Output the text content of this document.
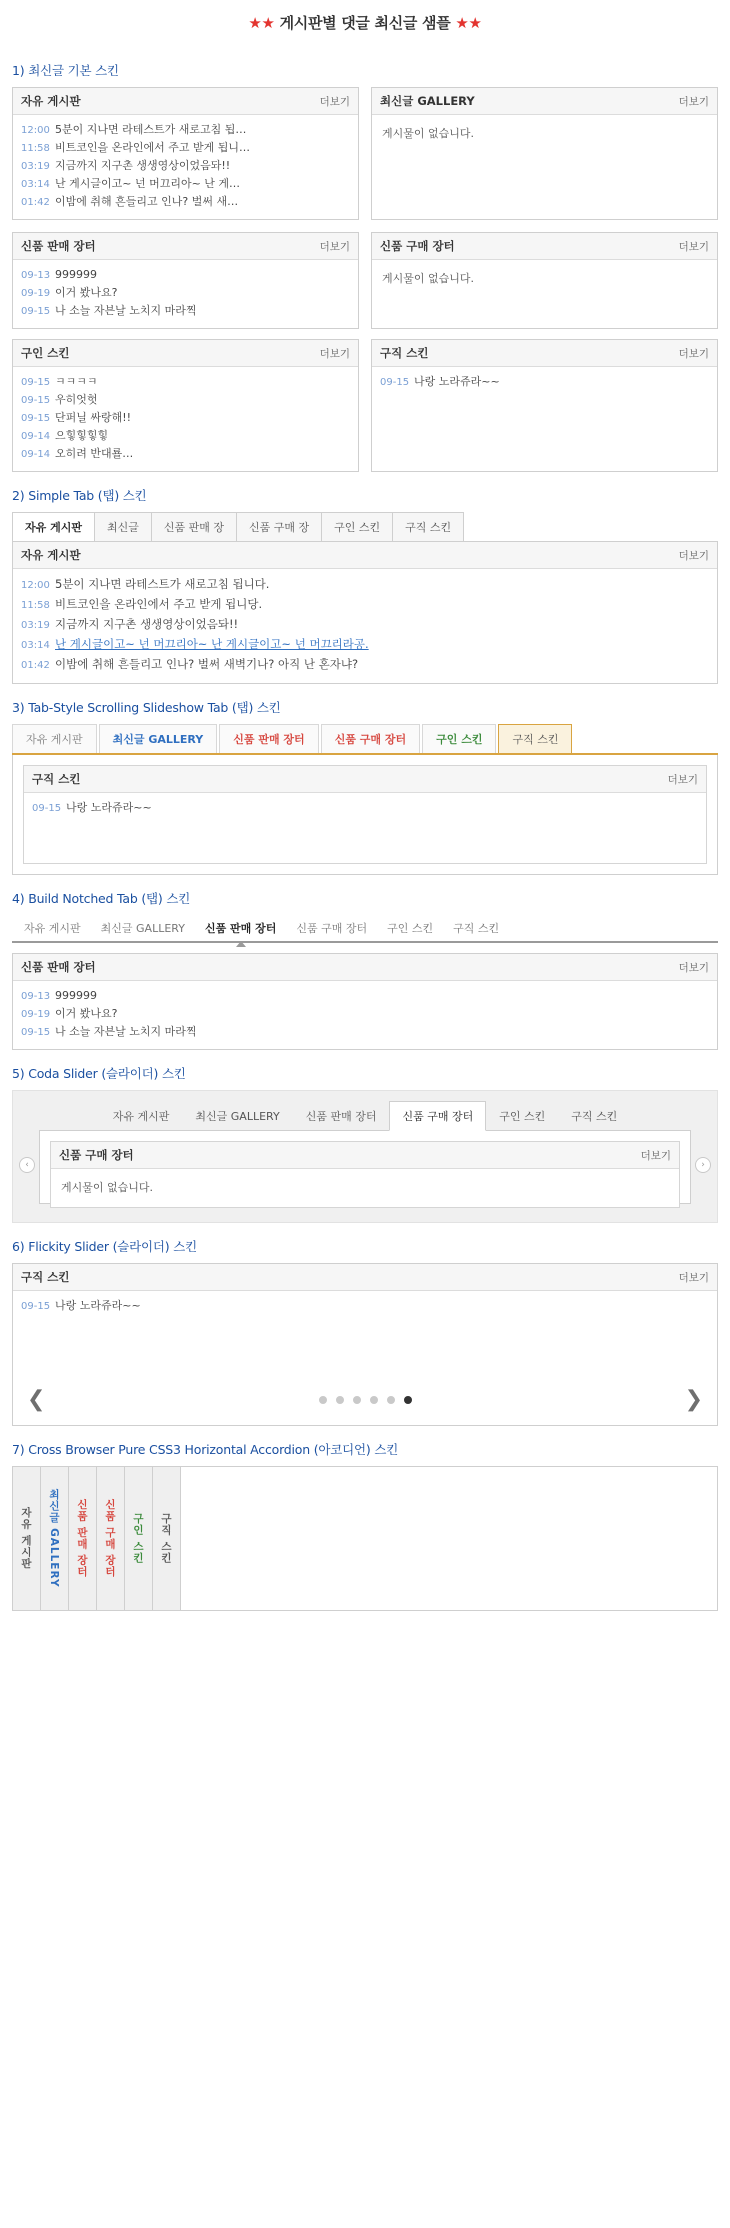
★★ 게시판별 댓글 최신글 샘플 ★★
1) 최신글 기본 스킨
자유 게시판	더보기
12:00 5분이 지나면 라테스트가 새로고침 됩…
11:58 비트코인을 온라인에서 주고 받게 됩니…
03:19 지금까지 지구촌 생생영상이었음돠!!
03:14 난 게시글이고~ 넌 머끄리아~ 난 게…
01:42 이밤에 취해 흔들리고 인나? 벌써 새…
최신글 GALLERY	더보기
게시물이 없습니다.
신품 판매 장터	더보기
09-13 999999
09-19 이거 봤나요?
09-15 나 소늘 자븐날 노치지 마라찍
신품 구매 장터	더보기
게시물이 없습니다.
구인 스킨	더보기
09-15 ㅋㅋㅋㅋ
09-15 우히엇헛
09-15 단퍼닐 싸랑해!!
09-14 으힣힣힣힣
09-14 오히려 반대룔…
구직 스킨	더보기
09-15 나랑 노라쥬라~~
2) Simple Tab (탭) 스킨
자유 게시판	최신글	신품 판매 장	신품 구매 장	구인 스킨	구직 스킨
자유 게시판	더보기
12:00 5분이 지나면 라테스트가 새로고침 됩니다.
11:58 비트코인을 온라인에서 주고 받게 됩니당.
03:19 지금까지 지구촌 생생영상이었음돠!!
03:14 난 게시글이고~ 넌 머끄리아~ 난 게시글이고~ 넌 머끄리라공.
01:42 이밤에 취해 흔들리고 인나? 벌써 새벽기나? 아직 난 혼자냐?
3) Tab-Style Scrolling Slideshow Tab (탭) 스킨
자유 게시판	최신글 GALLERY	신품 판매 장터	신품 구매 장터	구인 스킨	구직 스킨
구직 스킨	더보기
09-15 나랑 노라쥬라~~
4) Build Notched Tab (탭) 스킨
자유 게시판	최신글 GALLERY	신품 판매 장터	신품 구매 장터	구인 스킨	구직 스킨
신품 판매 장터	더보기
09-13 999999
09-19 이거 봤나요?
09-15 나 소늘 자븐날 노치지 마라찍
5) Coda Slider (슬라이더) 스킨
자유 게시판	최신글 GALLERY	신품 판매 장터	신품 구매 장터	구인 스킨	구직 스킨
신품 구매 장터	더보기
게시물이 없습니다.
‹	›
6) Flickity Slider (슬라이더) 스킨
구직 스킨	더보기
09-15 나랑 노라쥬라~~
❮	❯
7) Cross Browser Pure CSS3 Horizontal Accordion (아코디언) 스킨
자유 게시판 최신글 GALLERY 신품 판매 장터 신품 구매 장터 구인 스킨 구직 스킨
